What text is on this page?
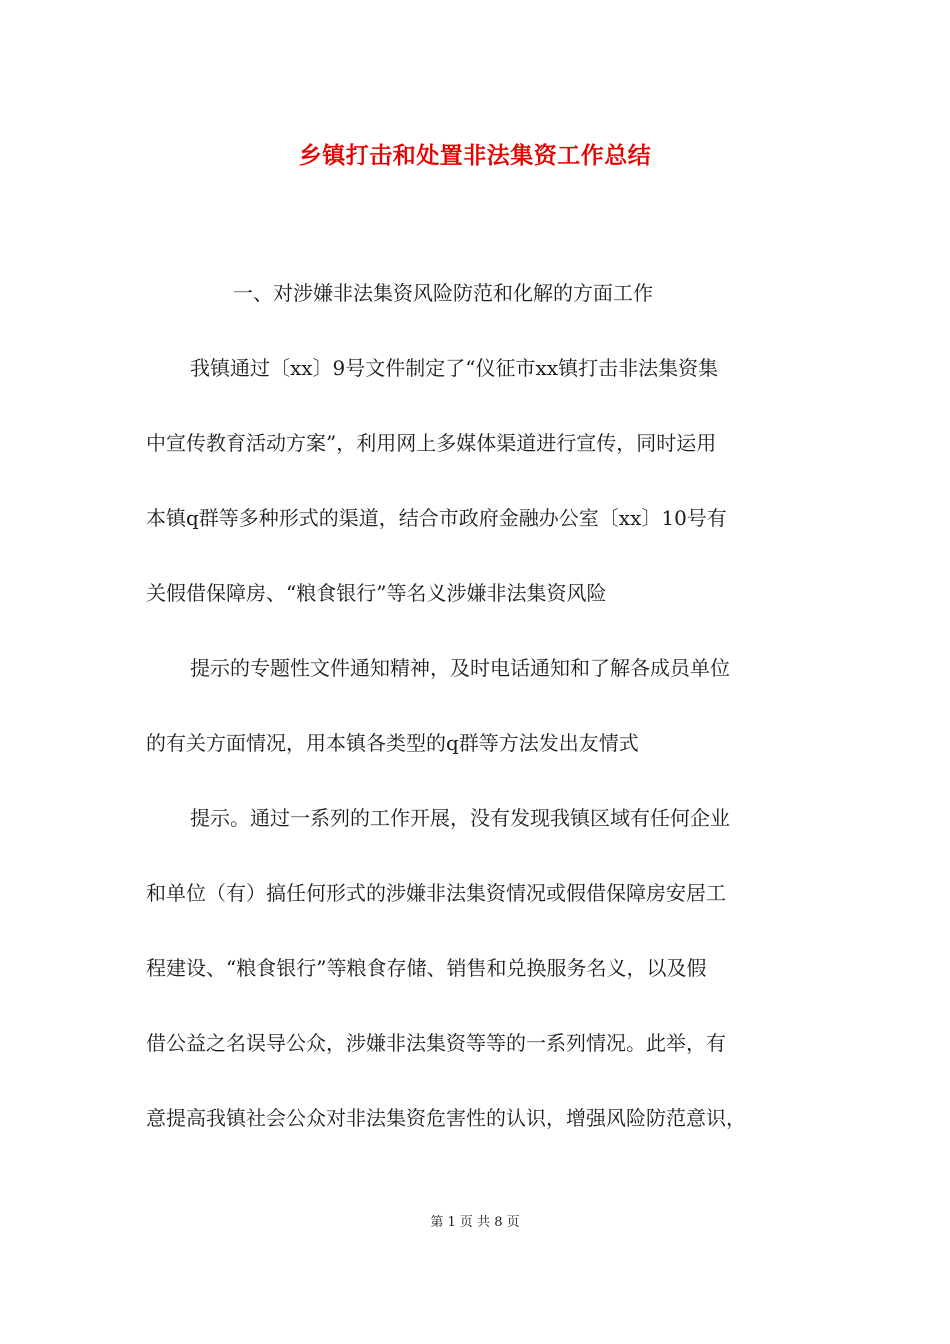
乡镇打击和处置非法集资工作总结
一、对涉嫌非法集资风险防范和化解的方面工作
我镇通过〔xx〕9号文件制定了“仪征市xx镇打击非法集资集
中宣传教育活动方案”，利用网上多媒体渠道进行宣传，同时运用
本镇q群等多种形式的渠道，结合市政府金融办公室〔xx〕10号有
关假借保障房、“粮食银行”等名义涉嫌非法集资风险
提示的专题性文件通知精神，及时电话通知和了解各成员单位
的有关方面情况，用本镇各类型的q群等方法发出友情式
提示。通过一系列的工作开展，没有发现我镇区域有任何企业
和单位（有）搞任何形式的涉嫌非法集资情况或假借保障房安居工
程建设、“粮食银行”等粮食存储、销售和兑换服务名义，以及假
借公益之名误导公众，涉嫌非法集资等等的一系列情况。此举，有
意提高我镇社会公众对非法集资危害性的认识，增强风险防范意识，
第 1 页 共 8 页
